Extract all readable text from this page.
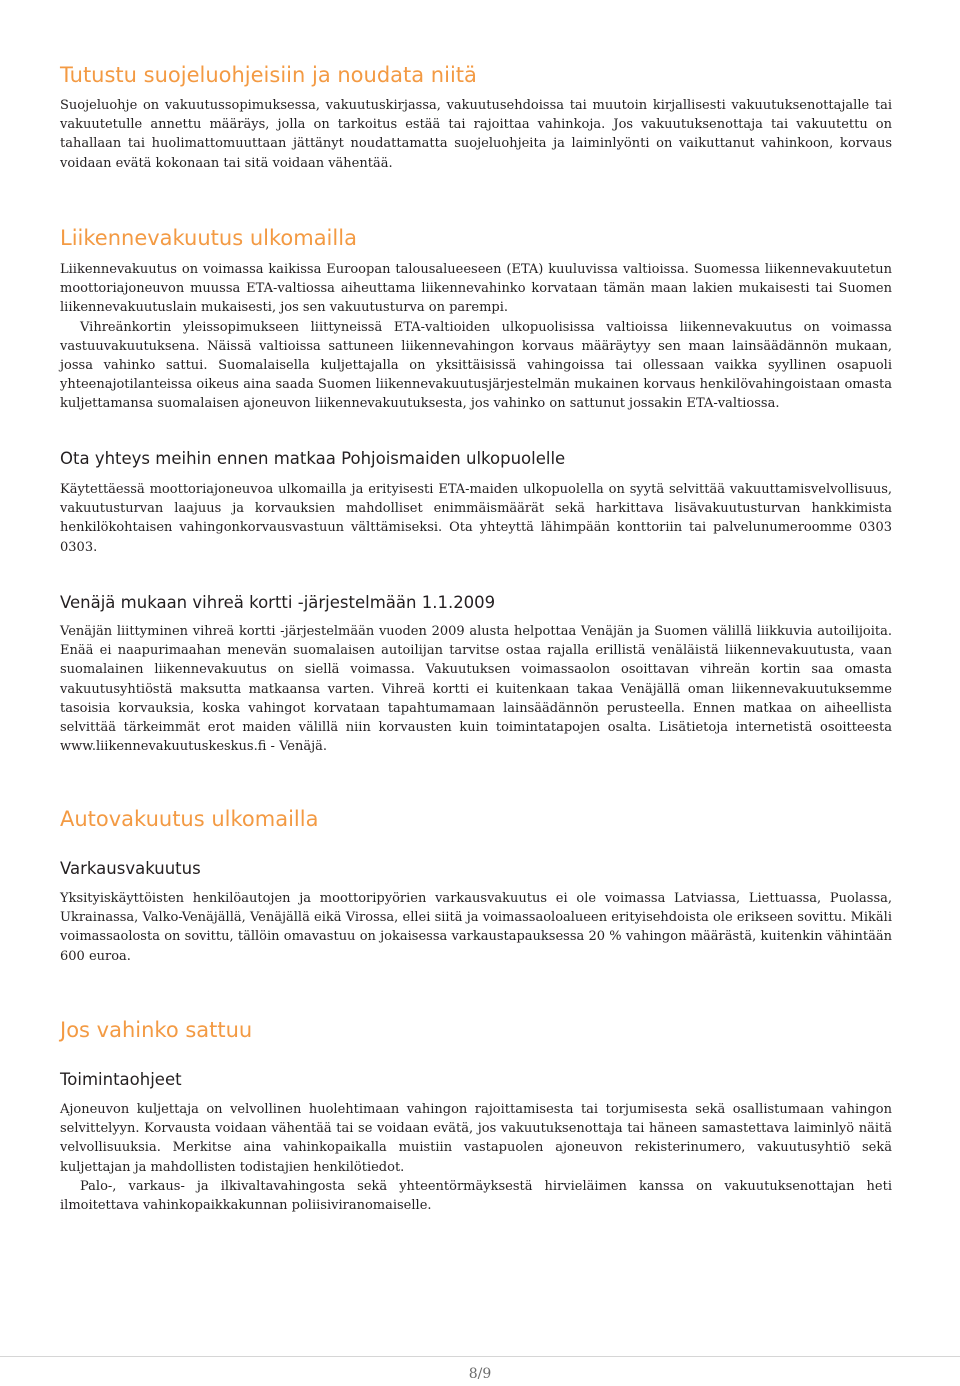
Tutustu suojeluohjeisiin ja noudata niitä

Suojeluohje on vakuutussopimuksessa, vakuutuskirjassa, vakuutusehdoissa tai muutoin kirjallisesti vakuutuksenottajalle tai vakuutetulle annettu määräys, jolla on tarkoitus estää tai rajoittaa vahinkoja. Jos vakuutuksenottaja tai vakuutettu on tahallaan tai huolimattomuuttaan jättänyt noudattamatta suojeluohjeita ja laiminlyönti on vaikuttanut vahinkoon, korvaus voidaan evätä kokonaan tai sitä voidaan vähentää.

Liikennevakuutus ulkomailla

Liikennevakuutus on voimassa kaikissa Euroopan talousalueeseen (ETA) kuuluvissa valtioissa. Suomessa liikennevakuutetun moottoriajoneuvon muussa ETA-valtiossa aiheuttama liikennevahinko korvataan tämän maan lakien mukaisesti tai Suomen liikennevakuutuslain mukaisesti, jos sen vakuutusturva on parempi.

Vihreänkortin yleissopimukseen liittyneissä ETA-valtioiden ulkopuolisissa valtioissa liikennevakuutus on voimassa vastuuvakuutuksena. Näissä valtioissa sattuneen liikennevahingon korvaus määräytyy sen maan lainsäädännön mukaan, jossa vahinko sattui. Suomalaisella kuljettajalla on yksittäisissä vahingoissa tai ollessaan vaikka syyllinen osapuoli yhteenajotilanteissa oikeus aina saada Suomen liikennevakuutusjärjestelmän mukainen korvaus henkilövahingoistaan omasta kuljettamansa suomalaisen ajoneuvon liikennevakuutuksesta, jos vahinko on sattunut jossakin ETA-valtiossa.

Ota yhteys meihin ennen matkaa Pohjoismaiden ulkopuolelle

Käytettäessä moottoriajoneuvoa ulkomailla ja erityisesti ETA-maiden ulkopuolella on syytä selvittää vakuuttamisvelvollisuus, vakuutusturvan laajuus ja korvauksien mahdolliset enimmäismäärät sekä harkittava lisävakuutusturvan hankkimista henkilökohtaisen vahingonkorvausvastuun välttämiseksi. Ota yhteyttä lähimpään konttoriin tai palvelunumeroomme 0303 0303.

Venäjä mukaan vihreä kortti -järjestelmään 1.1.2009

Venäjän liittyminen vihreä kortti -järjestelmään vuoden 2009 alusta helpottaa Venäjän ja Suomen välillä liikkuvia autoilijoita. Enää ei naapurimaahan menevän suomalaisen autoilijan tarvitse ostaa rajalla erillistä venäläistä liikennevakuutusta, vaan suomalainen liikennevakuutus on siellä voimassa. Vakuutuksen voimassaolon osoittavan vihreän kortin saa omasta vakuutusyhtiöstä maksutta matkaansa varten. Vihreä kortti ei kuitenkaan takaa Venäjällä oman liikennevakuutuksemme tasoisia korvauksia, koska vahingot korvataan tapahtumamaan lainsäädännön perusteella. Ennen matkaa on aiheellista selvittää tärkeimmät erot maiden välillä niin korvausten kuin toimintatapojen osalta. Lisätietoja internetistä osoitteesta www.liikennevakuutuskeskus.fi - Venäjä.

Autovakuutus ulkomailla
Varkausvakuutus

Yksityiskäyttöisten henkilöautojen ja moottoripyörien varkausvakuutus ei ole voimassa Latviassa, Liettuassa, Puolassa, Ukrainassa, Valko-Venäjällä, Venäjällä eikä Virossa, ellei siitä ja voimassaoloalueen erityisehdoista ole erikseen sovittu. Mikäli voimassaolosta on sovittu, tällöin omavastuu on jokaisessa varkaustapauksessa 20 % vahingon määrästä, kuitenkin vähintään 600 euroa.

Jos vahinko sattuu
Toimintaohjeet

Ajoneuvon kuljettaja on velvollinen huolehtimaan vahingon rajoittamisesta tai torjumisesta sekä osallistumaan vahingon selvittelyyn. Korvausta voidaan vähentää tai se voidaan evätä, jos vakuutuksenottaja tai häneen samastettava laiminlyö näitä velvollisuuksia. Merkitse aina vahinkopaikalla muistiin vastapuolen ajoneuvon rekisterinumero, vakuutusyhtiö sekä kuljettajan ja mahdollisten todistajien henkilötiedot.

Palo-, varkaus- ja ilkivaltavahingosta sekä yhteentörmäyksestä hirvieläimen kanssa on vakuutuksenottajan heti ilmoitettava vahinkopaikkakunnan poliisiviranomaiselle.

8/9
